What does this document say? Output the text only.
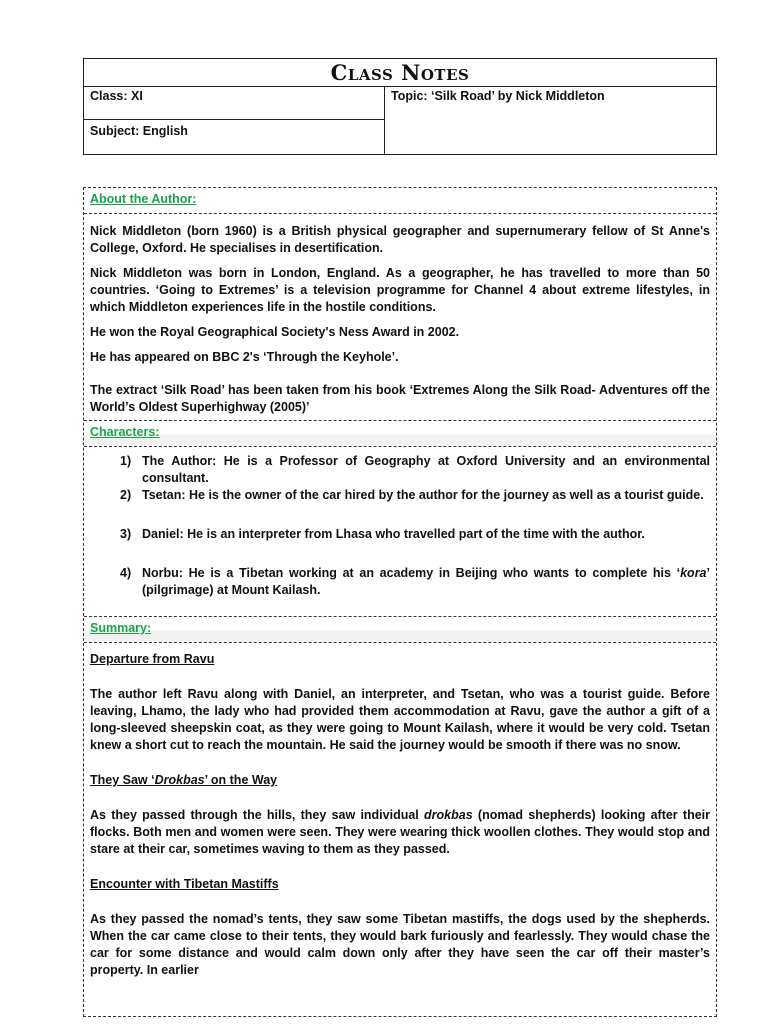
Class Notes
Class: XI
Subject: English
Topic: ‘Silk Road’ by Nick Middleton
About the Author:

Nick Middleton (born 1960) is a British physical geographer and supernumerary fellow of St Anne's College, Oxford. He specialises in desertification.

Nick Middleton was born in London, England. As a geographer, he has travelled to more than 50 countries. ‘Going to Extremes’ is a television programme for Channel 4 about extreme lifestyles, in which Middleton experiences life in the hostile conditions.

He won the Royal Geographical Society's Ness Award in 2002.

He has appeared on BBC 2's ‘Through the Keyhole’.

The extract ‘Silk Road’ has been taken from his book ‘Extremes Along the Silk Road- Adventures off the World’s Oldest Superhighway (2005)’

Characters:
1) The Author: He is a Professor of Geography at Oxford University and an environmental consultant.
2) Tsetan: He is the owner of the car hired by the author for the journey as well as a tourist guide.
3) Daniel: He is an interpreter from Lhasa who travelled part of the time with the author.
4) Norbu: He is a Tibetan working at an academy in Beijing who wants to complete his ‘kora’ (pilgrimage) at Mount Kailash.
Summary:
Departure from Ravu
The author left Ravu along with Daniel, an interpreter, and Tsetan, who was a tourist guide. Before leaving, Lhamo, the lady who had provided them accommodation at Ravu, gave the author a gift of a long-sleeved sheepskin coat, as they were going to Mount Kailash, where it would be very cold. Tsetan knew a short cut to reach the mountain. He said the journey would be smooth if there was no snow.
They Saw ‘Drokbas’ on the Way
As they passed through the hills, they saw individual drokbas (nomad shepherds) looking after their flocks. Both men and women were seen. They were wearing thick woollen clothes. They would stop and stare at their car, sometimes waving to them as they passed.
Encounter with Tibetan Mastiffs
As they passed the nomad’s tents, they saw some Tibetan mastiffs, the dogs used by the shepherds. When the car came close to their tents, they would bark furiously and fearlessly. They would chase the car for some distance and would calm down only after they have seen the car off their master’s property. In earlier
